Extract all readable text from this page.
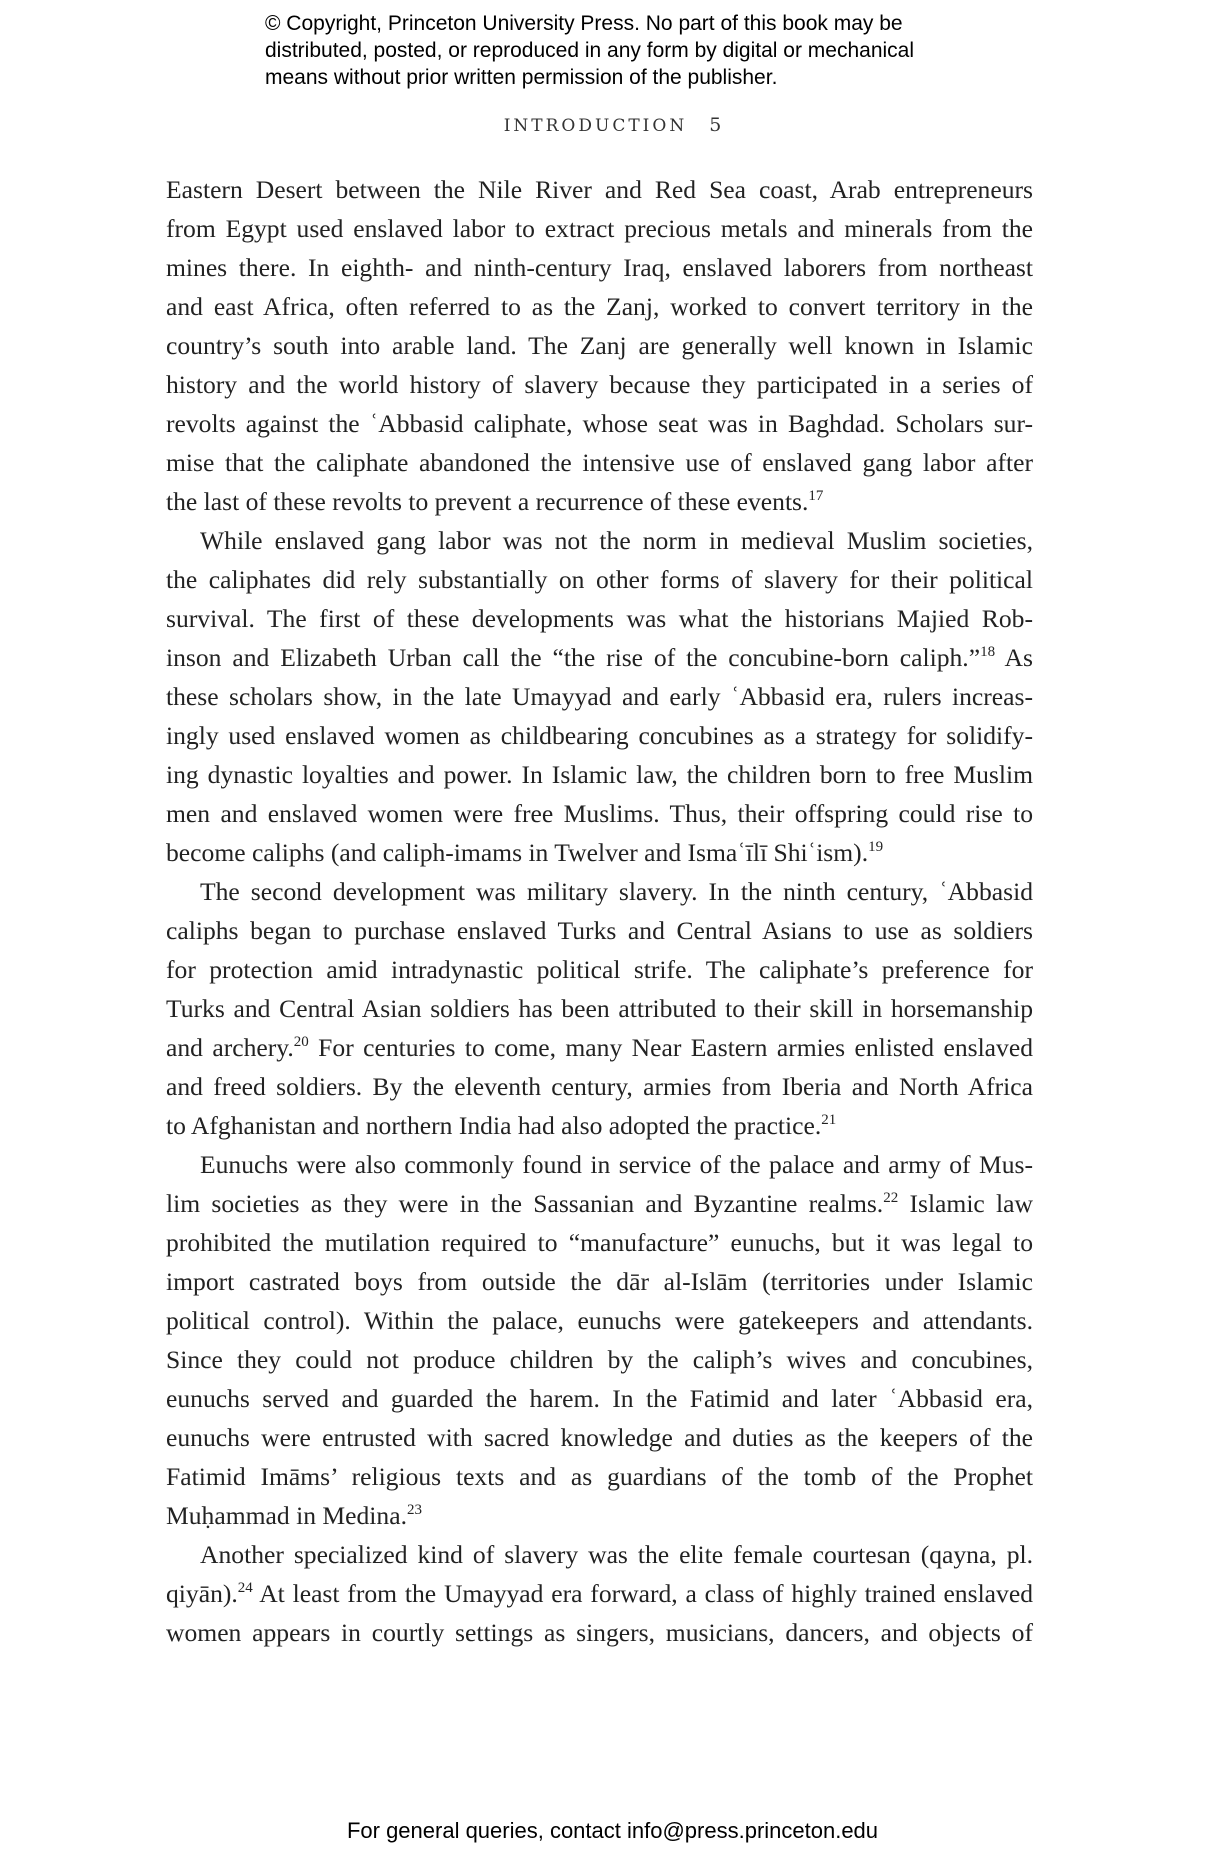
© Copyright, Princeton University Press. No part of this book may be
distributed, posted, or reproduced in any form by digital or mechanical
means without prior written permission of the publisher.
INTRODUCTION 5
Eastern Desert between the Nile River and Red Sea coast, Arab entrepreneurs
from Egypt used enslaved labor to extract precious metals and minerals from the
mines there. In eighth- and ninth-century Iraq, enslaved laborers from northeast
and east Africa, often referred to as the Zanj, worked to convert territory in the
country’s south into arable land. The Zanj are generally well known in Islamic
history and the world history of slavery because they participated in a series of
revolts against the ʿAbbasid caliphate, whose seat was in Baghdad. Scholars sur-
mise that the caliphate abandoned the intensive use of enslaved gang labor after
the last of these revolts to prevent a recurrence of these events.$^{17}$
While enslaved gang labor was not the norm in medieval Muslim societies,
the caliphates did rely substantially on other forms of slavery for their political
survival. The first of these developments was what the historians Majied Rob-
inson and Elizabeth Urban call the “the rise of the concubine-born caliph.”$^{18}$ As
these scholars show, in the late Umayyad and early ʿAbbasid era, rulers increas-
ingly used enslaved women as childbearing concubines as a strategy for solidify-
ing dynastic loyalties and power. In Islamic law, the children born to free Muslim
men and enslaved women were free Muslims. Thus, their offspring could rise to
become caliphs (and caliph-imams in Twelver and Ismaʿīlī Shiʿism).$^{19}$
The second development was military slavery. In the ninth century, ʿAbbasid
caliphs began to purchase enslaved Turks and Central Asians to use as soldiers
for protection amid intradynastic political strife. The caliphate’s preference for
Turks and Central Asian soldiers has been attributed to their skill in horsemanship
and archery.$^{20}$ For centuries to come, many Near Eastern armies enlisted enslaved
and freed soldiers. By the eleventh century, armies from Iberia and North Africa
to Afghanistan and northern India had also adopted the practice.$^{21}$
Eunuchs were also commonly found in service of the palace and army of Mus-
lim societies as they were in the Sassanian and Byzantine realms.$^{22}$ Islamic law
prohibited the mutilation required to “manufacture” eunuchs, but it was legal to
import castrated boys from outside the dār al-Islām (territories under Islamic
political control). Within the palace, eunuchs were gatekeepers and attendants.
Since they could not produce children by the caliph’s wives and concubines,
eunuchs served and guarded the harem. In the Fatimid and later ʿAbbasid era,
eunuchs were entrusted with sacred knowledge and duties as the keepers of the
Fatimid Imāms’ religious texts and as guardians of the tomb of the Prophet
Muḥammad in Medina.$^{23}$
Another specialized kind of slavery was the elite female courtesan (qayna, pl.
qiyān).$^{24}$ At least from the Umayyad era forward, a class of highly trained enslaved
women appears in courtly settings as singers, musicians, dancers, and objects of
For general queries, contact info@press.princeton.edu
